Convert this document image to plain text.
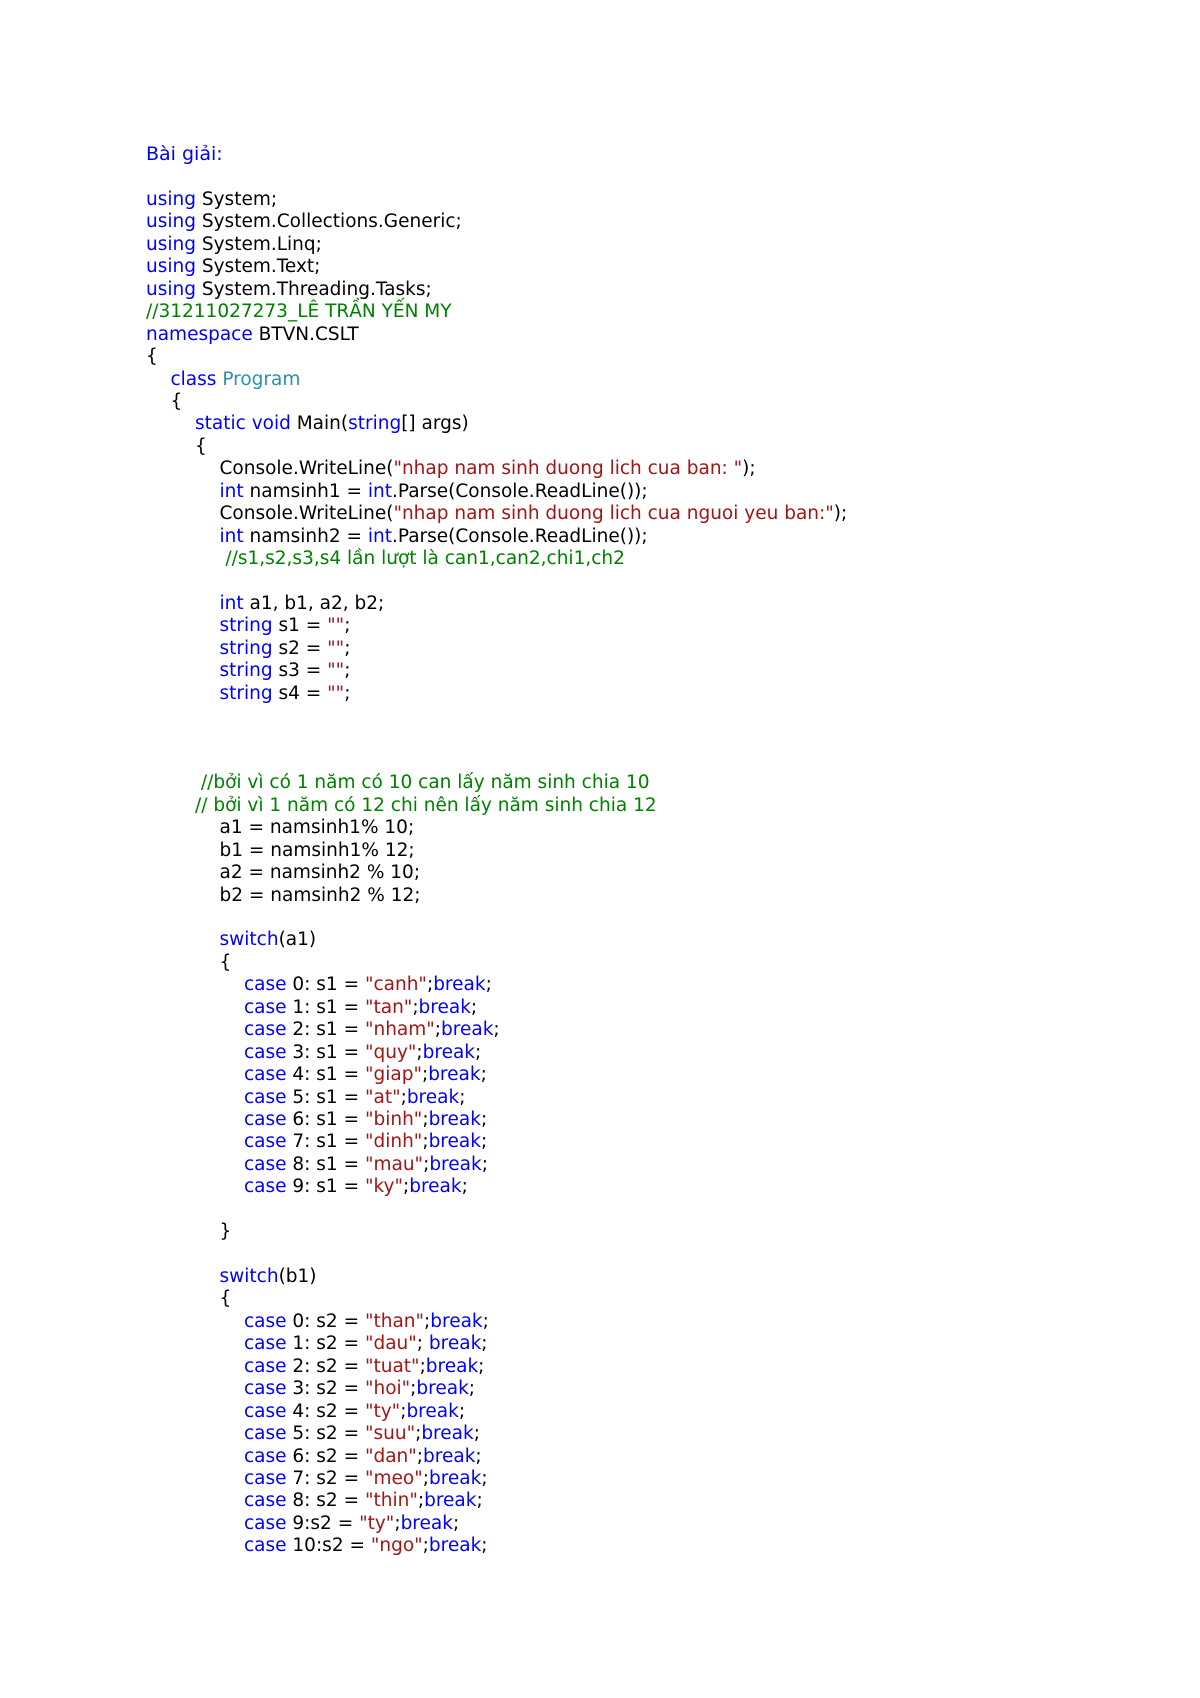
Bài giải:
using System;
using System.Collections.Generic;
using System.Linq;
using System.Text;
using System.Threading.Tasks;
//31211027273_LÊ TRẦN YẾN MY
namespace BTVN.CSLT
{
class Program
{
static void Main(string[] args)
{
Console.WriteLine("nhap nam sinh duong lich cua ban: ");
int namsinh1 = int.Parse(Console.ReadLine());
Console.WriteLine("nhap nam sinh duong lich cua nguoi yeu ban:");
int namsinh2 = int.Parse(Console.ReadLine());
//s1,s2,s3,s4 lần lượt là can1,can2,chi1,ch2
int a1, b1, a2, b2;
string s1 = "";
string s2 = "";
string s3 = "";
string s4 = "";
//bởi vì có 1 năm có 10 can lấy năm sinh chia 10
// bởi vì 1 năm có 12 chi nên lấy năm sinh chia 12
a1 = namsinh1% 10;
b1 = namsinh1% 12;
a2 = namsinh2 % 10;
b2 = namsinh2 % 12;
switch(a1)
{
case 0: s1 = "canh";break;
case 1: s1 = "tan";break;
case 2: s1 = "nham";break;
case 3: s1 = "quy";break;
case 4: s1 = "giap";break;
case 5: s1 = "at";break;
case 6: s1 = "binh";break;
case 7: s1 = "dinh";break;
case 8: s1 = "mau";break;
case 9: s1 = "ky";break;
}
switch(b1)
{
case 0: s2 = "than";break;
case 1: s2 = "dau"; break;
case 2: s2 = "tuat";break;
case 3: s2 = "hoi";break;
case 4: s2 = "ty";break;
case 5: s2 = "suu";break;
case 6: s2 = "dan";break;
case 7: s2 = "meo";break;
case 8: s2 = "thin";break;
case 9:s2 = "ty";break;
case 10:s2 = "ngo";break;
